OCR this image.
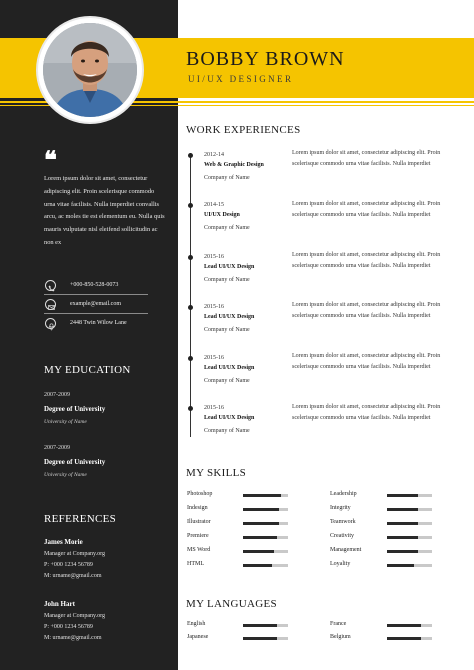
BOBBY BROWN
UI/UX DESIGNER
❝
Lorem ipsum dolor sit amet, consectetur adipiscing elit. Proin scelerisque commodo urna vitae facilisis. Nulla imperdiet convallis arcu, ac moles tie est elementum eu. Nulla quis mauris vulputate nisl eleifend sollicitudin ac non ex
+000-850-528-0073
example@email.com
2448 Twin Wilow Lane
MY EDUCATION
2007-2009
Degree of University
University of Name
2007-2009
Degree of University
University of Name
REFERENCES
James Morie
Manager at Company.org
P: +000 1234 56789
M: urname@gmail.com
John Hart
Manager at Company.org
P: +000 1234 56789
M: urname@gmail.com
WORK EXPERIENCES
2012-14
Web & Graphic Design
Company of Name
Lorem ipsum dolor sit amet, consectetur adipiscing elit. Proin scelerisque commodo urna vitae facilisis. Nulla imperdiet
2014-15
UI/UX Design
Company of Name
Lorem ipsum dolor sit amet, consectetur adipiscing elit. Proin scelerisque commodo urna vitae facilisis. Nulla imperdiet
2015-16
Lead UI/UX Design
Company of Name
Lorem ipsum dolor sit amet, consectetur adipiscing elit. Proin scelerisque commodo urna vitae facilisis. Nulla imperdiet
2015-16
Lead UI/UX Design
Company of Name
Lorem ipsum dolor sit amet, consectetur adipiscing elit. Proin scelerisque commodo urna vitae facilisis. Nulla imperdiet
2015-16
Lead UI/UX Design
Company of Name
Lorem ipsum dolor sit amet, consectetur adipiscing elit. Proin scelerisque commodo urna vitae facilisis. Nulla imperdiet
2015-16
Lead UI/UX Design
Company of Name
Lorem ipsum dolor sit amet, consectetur adipiscing elit. Proin scelerisque commodo urna vitae facilisis. Nulla imperdiet
MY SKILLS
Photoshop
Indesign
Illustrator
Premiere
MS Word
HTML
Leadership
Integrity
Teamwork
Creativity
Management
Loyality
MY LANGUAGES
English
Japanese
France
Belgium
